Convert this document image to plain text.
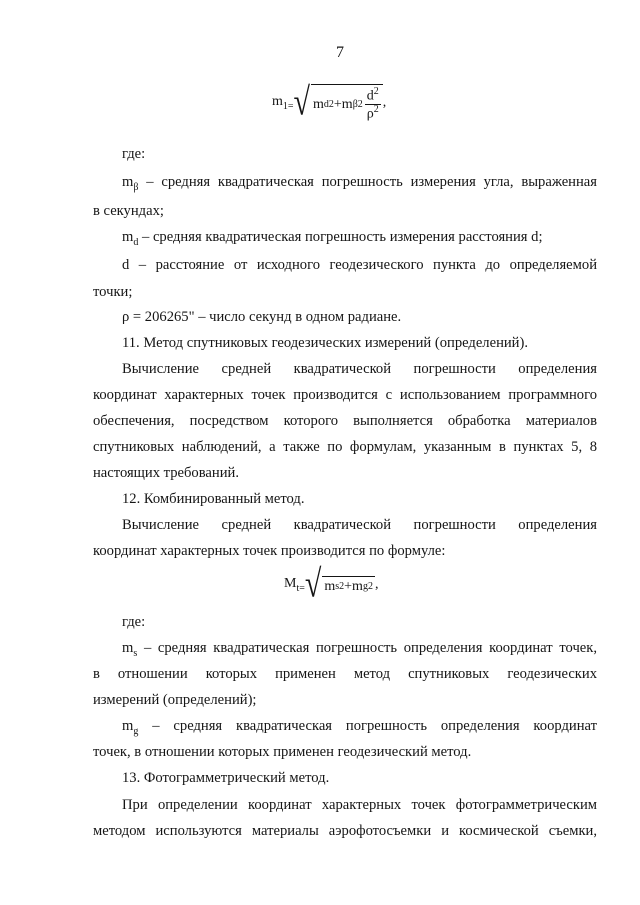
7
$m_{1=}$ √ m d 2 + m β $2 \frac{d^2}{\rho^2}$ ,
где:
$m_\beta$ – средняя квадратическая погрешность измерения угла, выраженная
в секундах;
$m_d$ – средняя квадратическая погрешность измерения расстояния d;
d – расстояние от исходного геодезического пункта до определяемой
точки;
ρ = 206265" – число секунд в одном радиане.
11. Метод спутниковых геодезических измерений (определений).
Вычисление средней квадратической погрешности определения
координат характерных точек производится с использованием программного
обеспечения, посредством которого выполняется обработка материалов
спутниковых наблюдений, а также по формулам, указанным в пунктах 5, 8
настоящих требований.
12. Комбинированный метод.
Вычисление средней квадратической погрешности определения
координат характерных точек производится по формуле:
$M_{t=}$ √ m s 2 + m g 2 ,
где:
$m_s$ – средняя квадратическая погрешность определения координат точек,
в отношении которых применен метод спутниковых геодезических
измерений (определений);
$m_g$ – средняя квадратическая погрешность определения координат
точек, в отношении которых применен геодезический метод.
13. Фотограмметрический метод.
При определении координат характерных точек фотограмметрическим
методом используются материалы аэрофотосъемки и космической съемки,
